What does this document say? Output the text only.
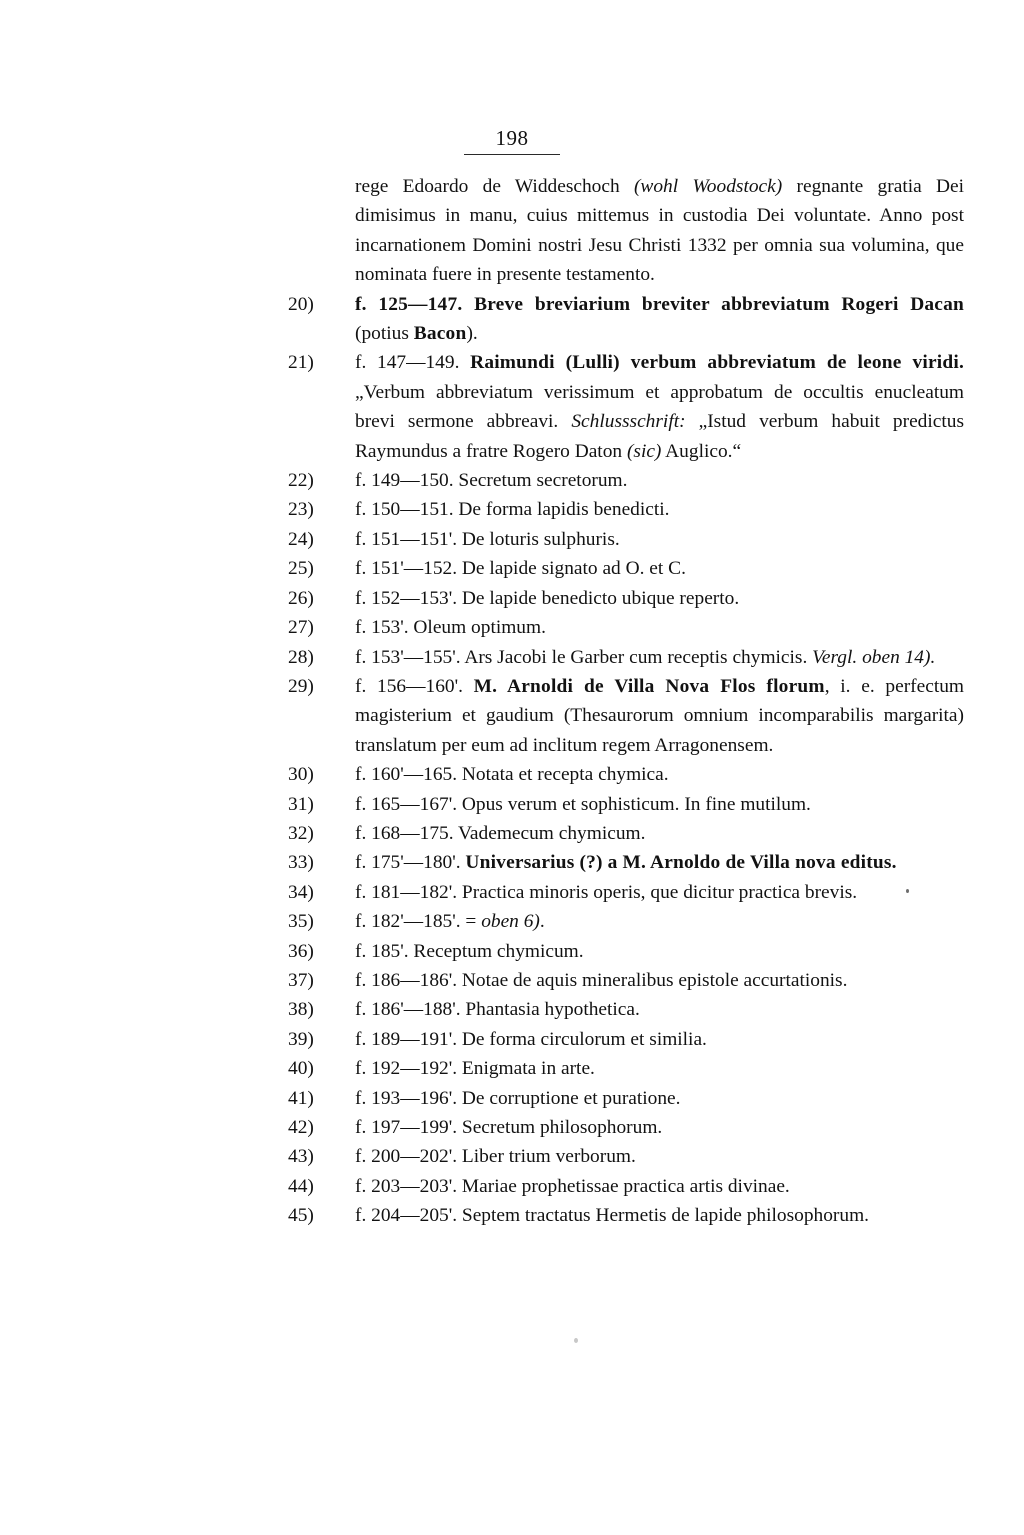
198

rege Edoardo de Widdeschoch (wohl Woodstock) regnante gratia Dei dimisimus in manu, cuius mittemus in custodia Dei voluntate. Anno post incarnationem Domini nostri Jesu Christi 1332 per omnia sua volumina, que nominata fuere in presente testamento.

20)	f. 125—147. Breve breviarium breviter abbreviatum Rogeri Dacan (potius Bacon).
21)	f. 147—149. Raimundi (Lulli) verbum abbreviatum de leone viridi. „Verbum abbreviatum verissimum et approbatum de occultis enucleatum brevi sermone abbreavi. Schlussschrift: „Istud verbum habuit predictus Raymundus a fratre Rogero Daton (sic) Auglico.“
22)	f. 149—150. Secretum secretorum.
23)	f. 150—151. De forma lapidis benedicti.
24)	f. 151—151'. De loturis sulphuris.
25)	f. 151'—152. De lapide signato ad O. et C.
26)	f. 152—153'. De lapide benedicto ubique reperto.
27)	f. 153'. Oleum optimum.
28)	f. 153'—155'. Ars Jacobi le Garber cum receptis chymicis. Vergl. oben 14).
29)	f. 156—160'. M. Arnoldi de Villa Nova Flos florum, i. e. perfectum magisterium et gaudium (Thesaurorum omnium incomparabilis margarita) translatum per eum ad inclitum regem Arragonensem.
30)	f. 160'—165. Notata et recepta chymica.
31)	f. 165—167'. Opus verum et sophisticum. In fine mutilum.
32)	f. 168—175. Vademecum chymicum.
33)	f. 175'—180'. Universarius (?) a M. Arnoldo de Villa nova editus.
34)	f. 181—182'. Practica minoris operis, que dicitur practica brevis.
35)	f. 182'—185'. = oben 6).
36)	f. 185'. Receptum chymicum.
37)	f. 186—186'. Notae de aquis mineralibus epistole accurtationis.
38)	f. 186'—188'. Phantasia hypothetica.
39)	f. 189—191'. De forma circulorum et similia.
40)	f. 192—192'. Enigmata in arte.
41)	f. 193—196'. De corruptione et puratione.
42)	f. 197—199'. Secretum philosophorum.
43)	f. 200—202'. Liber trium verborum.
44)	f. 203—203'. Mariae prophetissae practica artis divinae.
45)	f. 204—205'. Septem tractatus Hermetis de lapide philosophorum.
